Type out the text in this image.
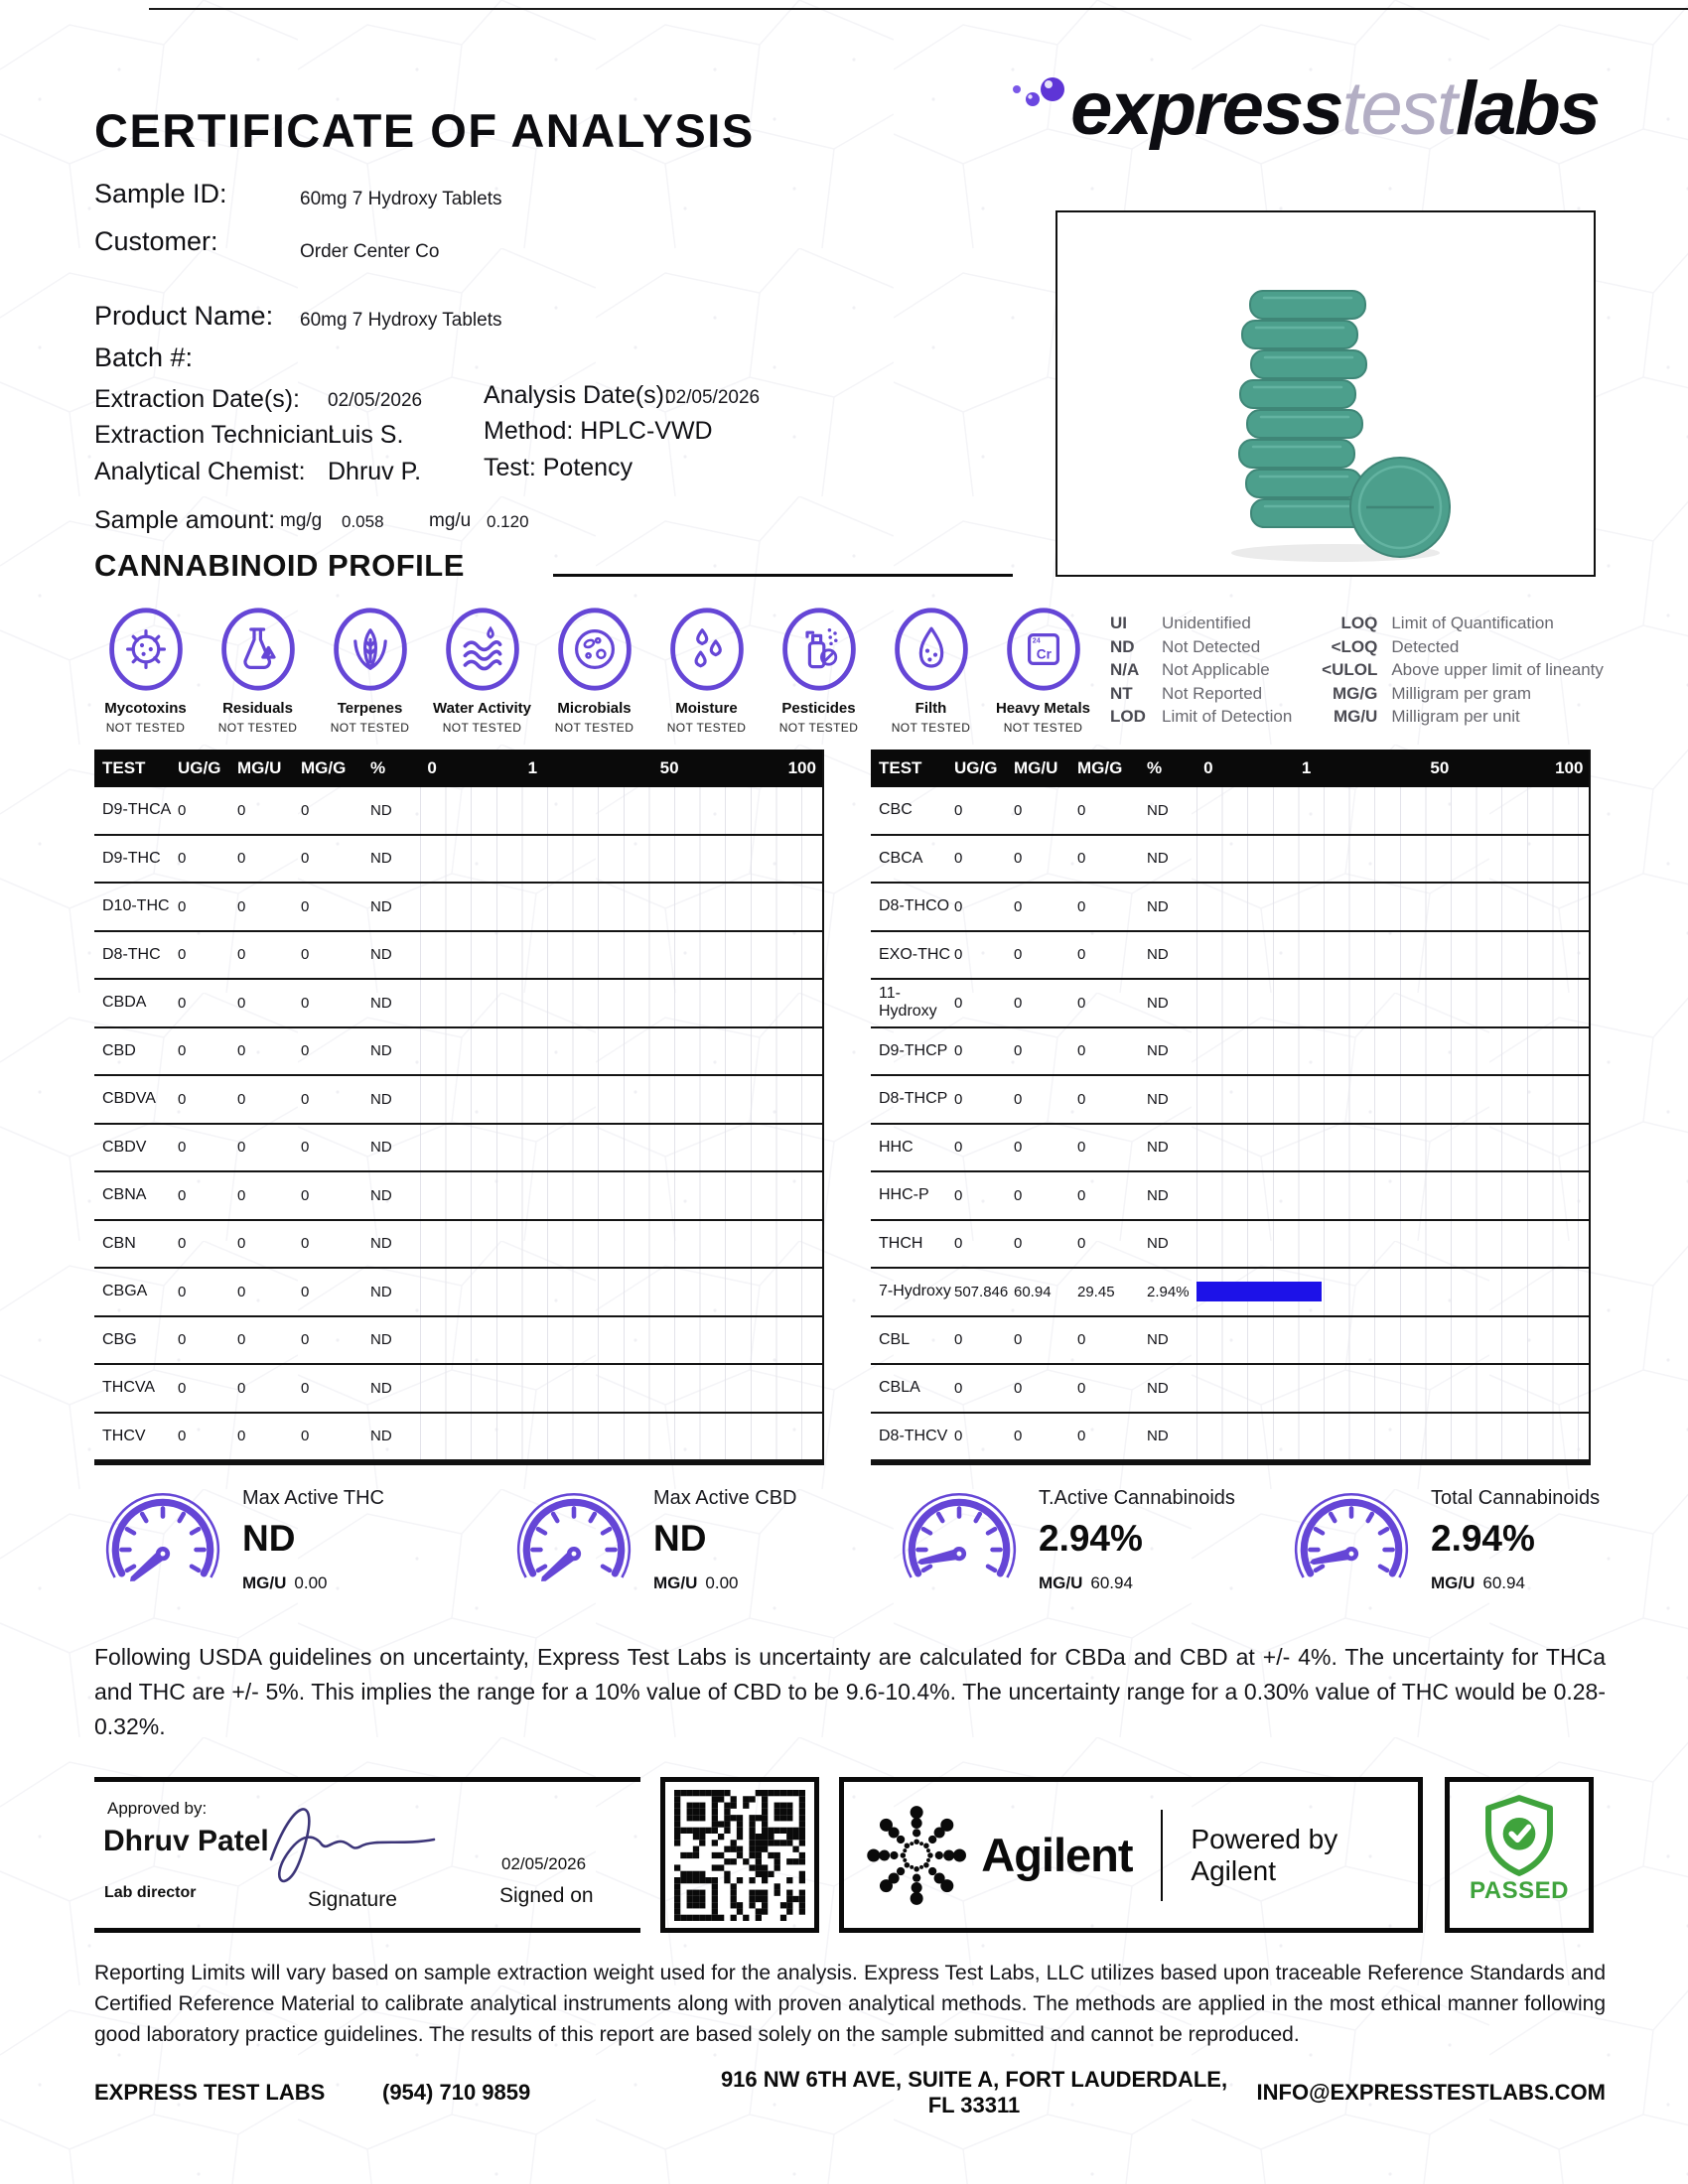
CERTIFICATE OF ANALYSIS	expresstestlabs
Sample ID:	60mg 7 Hydroxy Tablets
Customer:	Order Center Co
Product Name: 60mg 7 Hydroxy Tablets
Batch #:
Extraction Date(s): 02/05/2026 Analysis Date(s):
02/05/2026
Extraction Technician:
Luis S.	Method: HPLC-VWD
Analytical Chemist: Dhruv P.	Test: Potency
Sample amount: mg/g 0.058 mg/u 0.120
CANNABINOID PROFILE
Mycotoxins
NOT TESTED
Residuals
NOT TESTED
Terpenes
NOT TESTED
Water Activity
NOT TESTED
Microbials
NOT TESTED
Moisture
NOT TESTED
Pesticides
NOT TESTED
Filth
NOT TESTED
24
Cr
Heavy Metals
NOT TESTED
UI	Unidentified
ND	Not Detected
N/A	Not Applicable
NT	Not Reported
LOD Limit of Detection
LOQ Limit of Quantification
<LOQ Detected
<ULOL Above upper limit of lineanty
MG/G Milligram per gram
MG/U Milligram per unit
TEST	UG/G MG/U	MG/G	%	0	1	50	100
D9-THCA 0	0	0	ND
D9-THC	0	0	0	ND
D10-THC 0	0	0	ND
D8-THC	0	0	0	ND
CBDA	0	0	0	ND
CBD	0	0	0	ND
CBDVA	0	0	0	ND
CBDV	0	0	0	ND
CBNA	0	0	0	ND
CBN	0	0	0	ND
CBGA	0	0	0	ND
CBG	0	0	0	ND
THCVA	0	0	0	ND
THCV	0	0	0	ND
TEST	UG/G MG/U	MG/G	%	0	1	50	100
CBC	0	0	0	ND
CBCA	0	0	0	ND
D8-THCO 0	0	0	ND
EXO-THC 0	0	0	ND
11-Hydroxy	0	0	0	ND
D9-THCP 0	0	0	ND
D8-THCP 0	0	0	ND
HHC	0	0	0	ND
HHC-P	0	0	0	ND
THCH	0	0	0	ND
7-Hydroxy 507.846 60.94	29.45	2.94%
CBL	0	0	0	ND
CBLA	0	0	0	ND
D8-THCV 0	0	0	ND
Max Active THC
ND
MG/U 0.00
Max Active CBD
ND
MG/U 0.00
T.Active Cannabinoids
2.94%
MG/U 60.94
Total Cannabinoids
2.94%
MG/U 60.94
Following USDA guidelines on uncertainty, Express Test Labs is uncertainty are calculated for CBDa and CBD at +/- 4%. The uncertainty for THCa and THC are +/- 5%. This implies the range for a 10% value of CBD to be 9.6-10.4%. The uncertainty range for a 0.30% value of THC would be 0.28-0.32%.
Approved by:
Dhruv Patel
Lab director	Signature
02/05/2026
Signed on
Agilent Powered by Agilent
PASSED
Reporting Limits will vary based on sample extraction weight used for the analysis. Express Test Labs, LLC utilizes based upon traceable Reference Standards and Certified Reference Material to calibrate analytical instruments along with proven analytical methods. The methods are applied in the most ethical manner following good laboratory practice guidelines. The results of this report are based solely on the sample submitted and cannot be reproduced.
EXPRESS TEST LABS	(954) 710 9859
916 NW 6TH AVE, SUITE A, FORT LAUDERDALE, FL 33311
INFO@EXPRESSTESTLABS.COM
